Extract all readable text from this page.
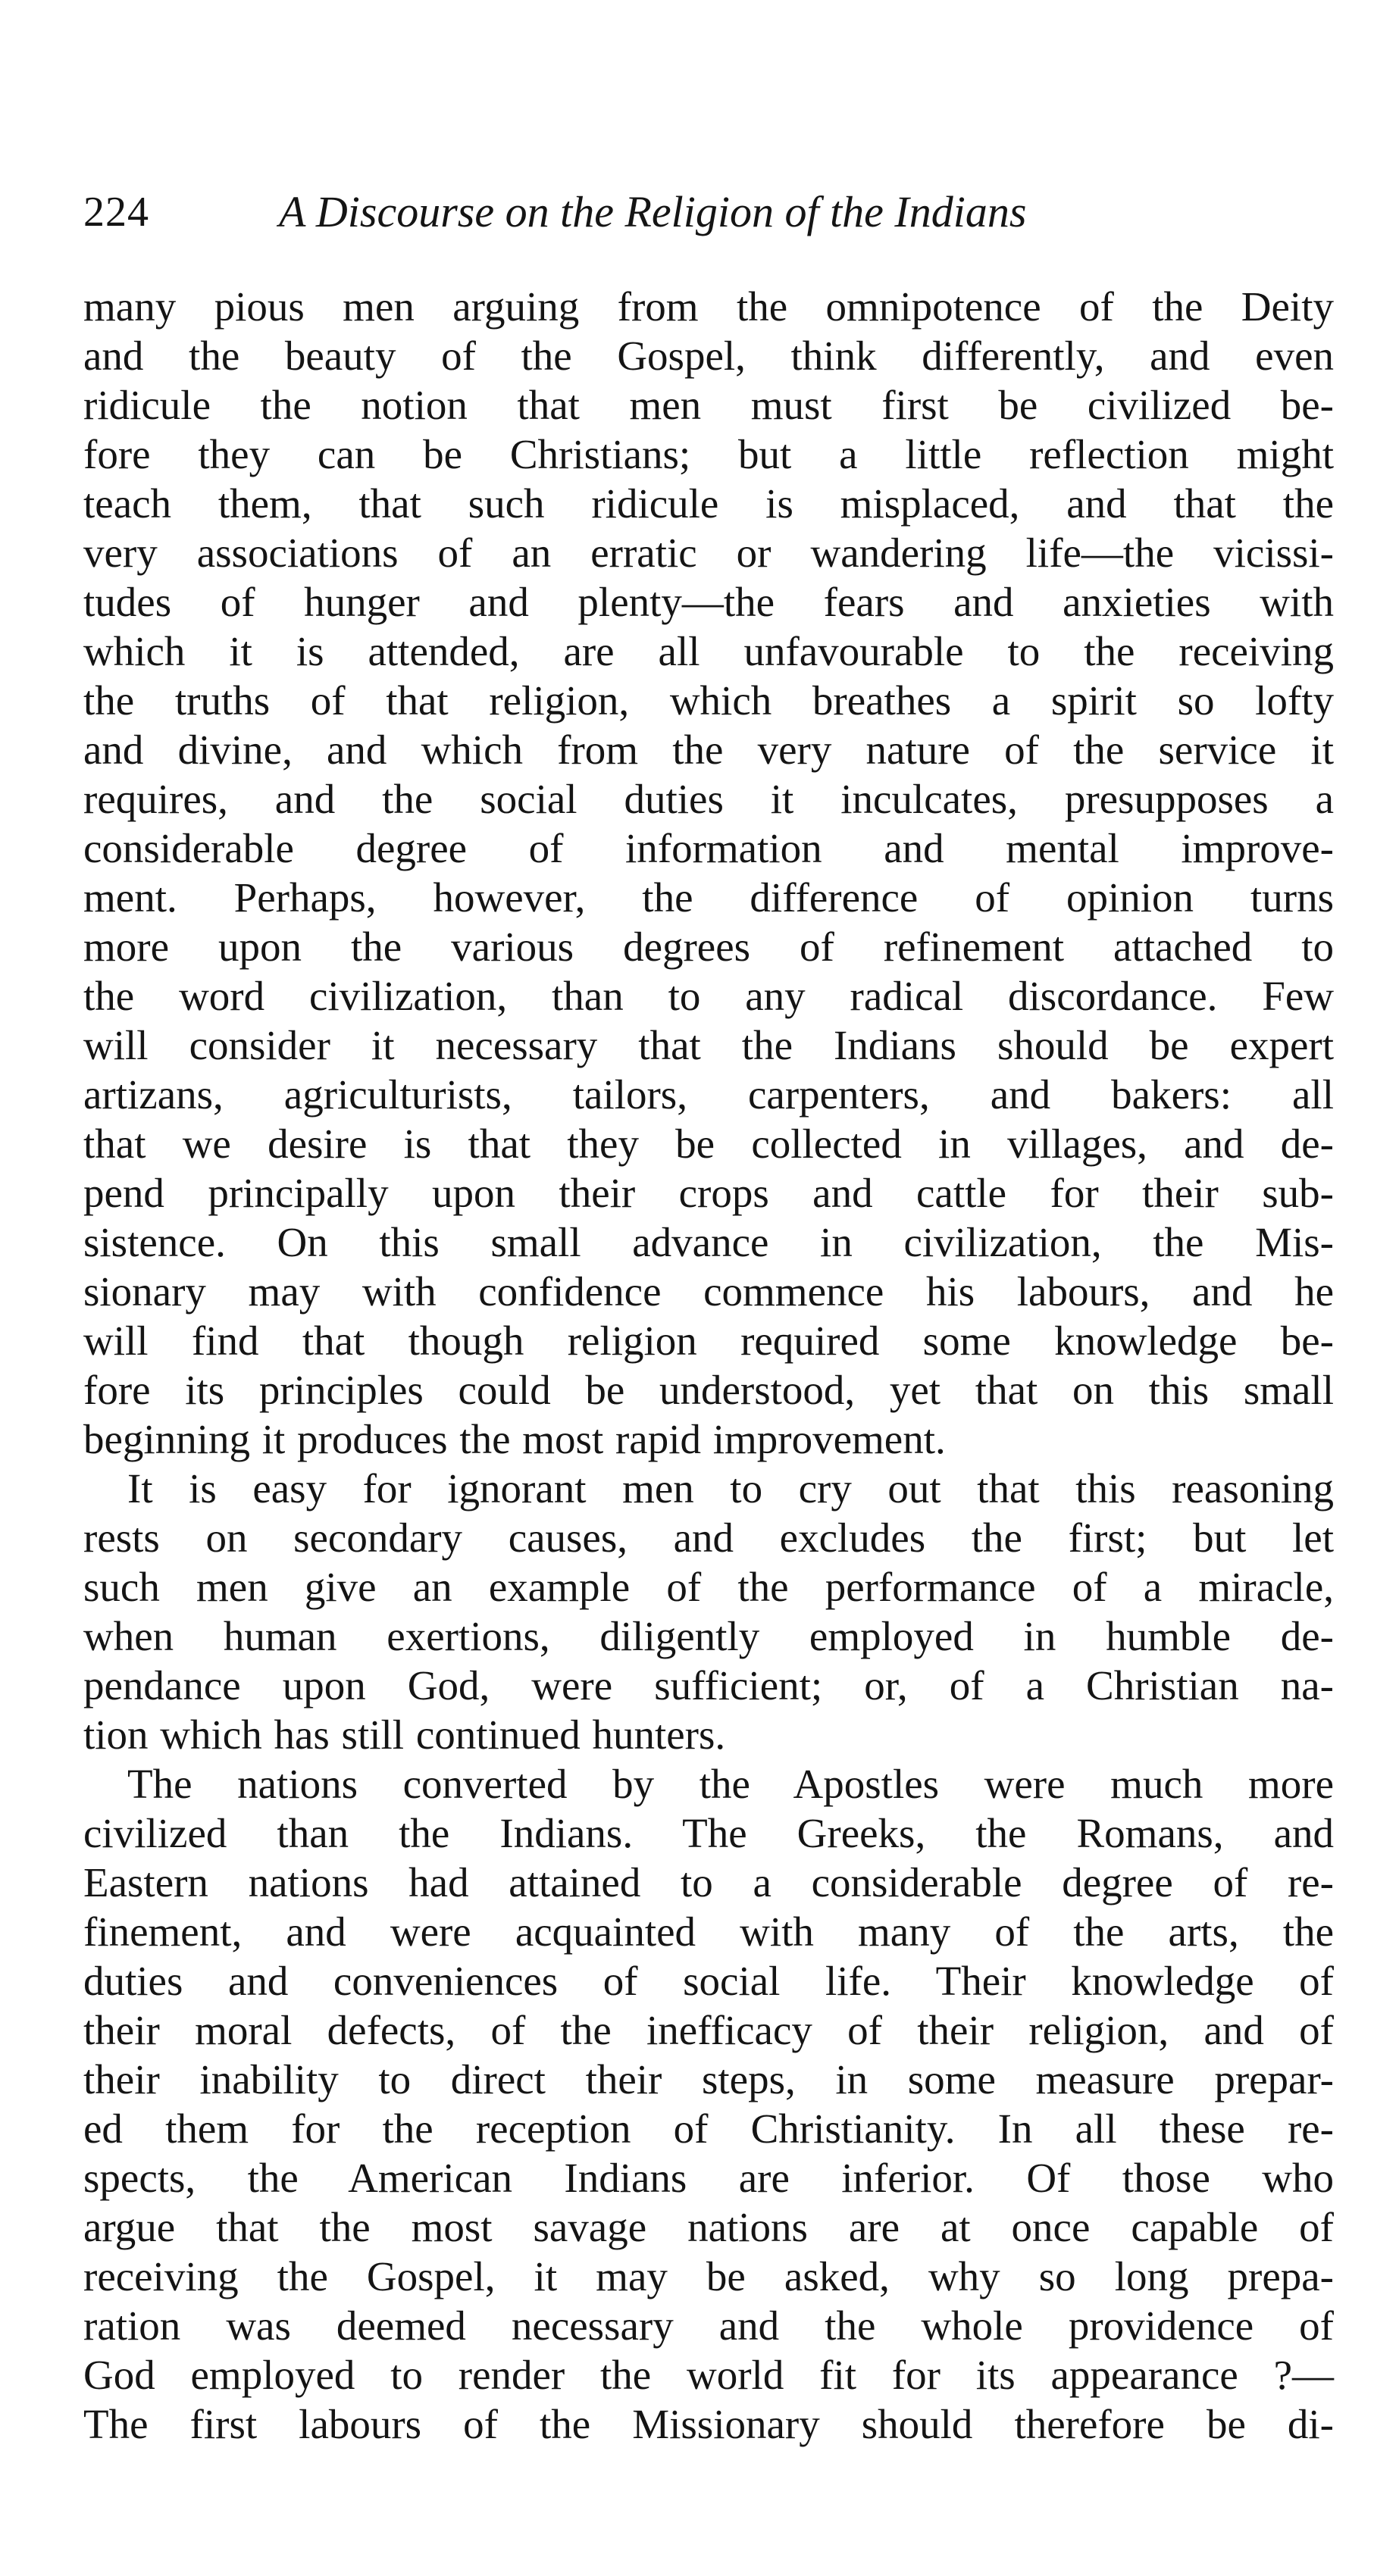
224	A Discourse on the Religion of the Indians
many pious men arguing from the omnipotence of the Deity
and the beauty of the Gospel, think differently, and even
ridicule the notion that men must first be civilized be-
fore they can be Christians; but a little reflection might
teach them, that such ridicule is misplaced, and that the
very associations of an erratic or wandering life—the vicissi-
tudes of hunger and plenty—the fears and anxieties with
which it is attended, are all unfavourable to the receiving
the truths of that religion, which breathes a spirit so lofty
and divine, and which from the very nature of the service it
requires, and the social duties it inculcates, presupposes a
considerable degree of information and mental improve-
ment. Perhaps, however, the difference of opinion turns
more upon the various degrees of refinement attached to
the word civilization, than to any radical discordance. Few
will consider it necessary that the Indians should be expert
artizans, agriculturists, tailors, carpenters, and bakers: all
that we desire is that they be collected in villages, and de-
pend principally upon their crops and cattle for their sub-
sistence. On this small advance in civilization, the Mis-
sionary may with confidence commence his labours, and he
will find that though religion required some knowledge be-
fore its principles could be understood, yet that on this small
beginning it produces the most rapid improvement.
It is easy for ignorant men to cry out that this reasoning
rests on secondary causes, and excludes the first; but let
such men give an example of the performance of a miracle,
when human exertions, diligently employed in humble de-
pendance upon God, were sufficient; or, of a Christian na-
tion which has still continued hunters.
The nations converted by the Apostles were much more
civilized than the Indians. The Greeks, the Romans, and
Eastern nations had attained to a considerable degree of re-
finement, and were acquainted with many of the arts, the
duties and conveniences of social life. Their knowledge of
their moral defects, of the inefficacy of their religion, and of
their inability to direct their steps, in some measure prepar-
ed them for the reception of Christianity. In all these re-
spects, the American Indians are inferior. Of those who
argue that the most savage nations are at once capable of
receiving the Gospel, it may be asked, why so long prepa-
ration was deemed necessary and the whole providence of
God employed to render the world fit for its appearance ?—
The first labours of the Missionary should therefore be di-
